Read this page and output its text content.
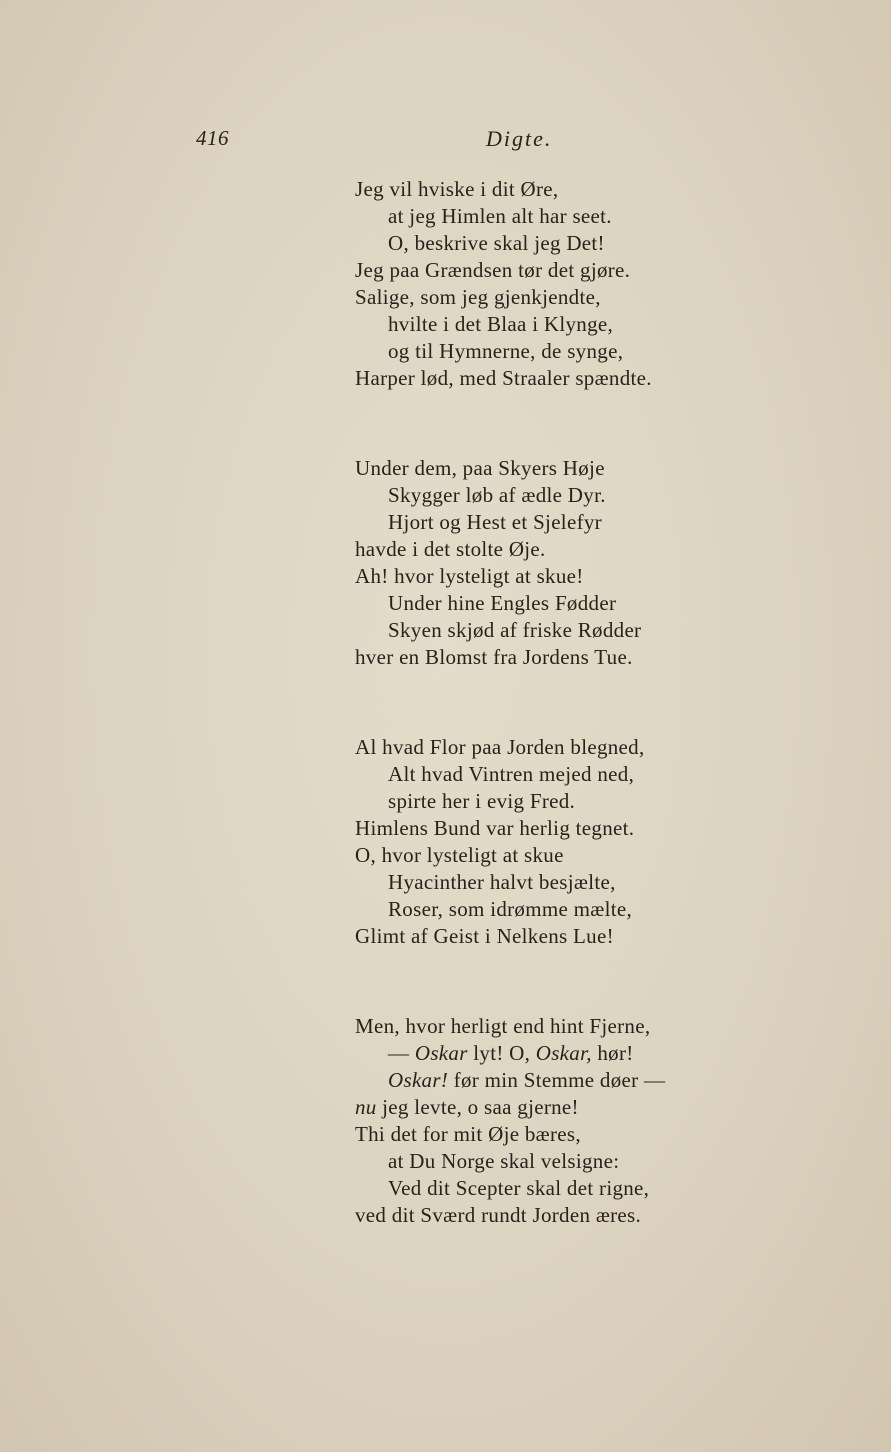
416	Digte.
Jeg vil hviske i dit Øre,
at jeg Himlen alt har seet.
O, beskrive skal jeg Det!
Jeg paa Grændsen tør det gjøre.
Salige, som jeg gjenkjendte,
hvilte i det Blaa i Klynge,
og til Hymnerne, de synge,
Harper lød, med Straaler spændte.
Under dem, paa Skyers Høje
Skygger løb af ædle Dyr.
Hjort og Hest et Sjelefyr
havde i det stolte Øje.
Ah! hvor lysteligt at skue!
Under hine Engles Fødder
Skyen skjød af friske Rødder
hver en Blomst fra Jordens Tue.
Al hvad Flor paa Jorden blegned,
Alt hvad Vintren mejed ned,
spirte her i evig Fred.
Himlens Bund var herlig tegnet.
O, hvor lysteligt at skue
Hyacinther halvt besjælte,
Roser, som idrømme mælte,
Glimt af Geist i Nelkens Lue!
Men, hvor herligt end hint Fjerne,
— Oskar lyt! O, Oskar, hør!
Oskar! før min Stemme døer —
nu jeg levte, o saa gjerne!
Thi det for mit Øje bæres,
at Du Norge skal velsigne:
Ved dit Scepter skal det rigne,
ved dit Sværd rundt Jorden æres.
